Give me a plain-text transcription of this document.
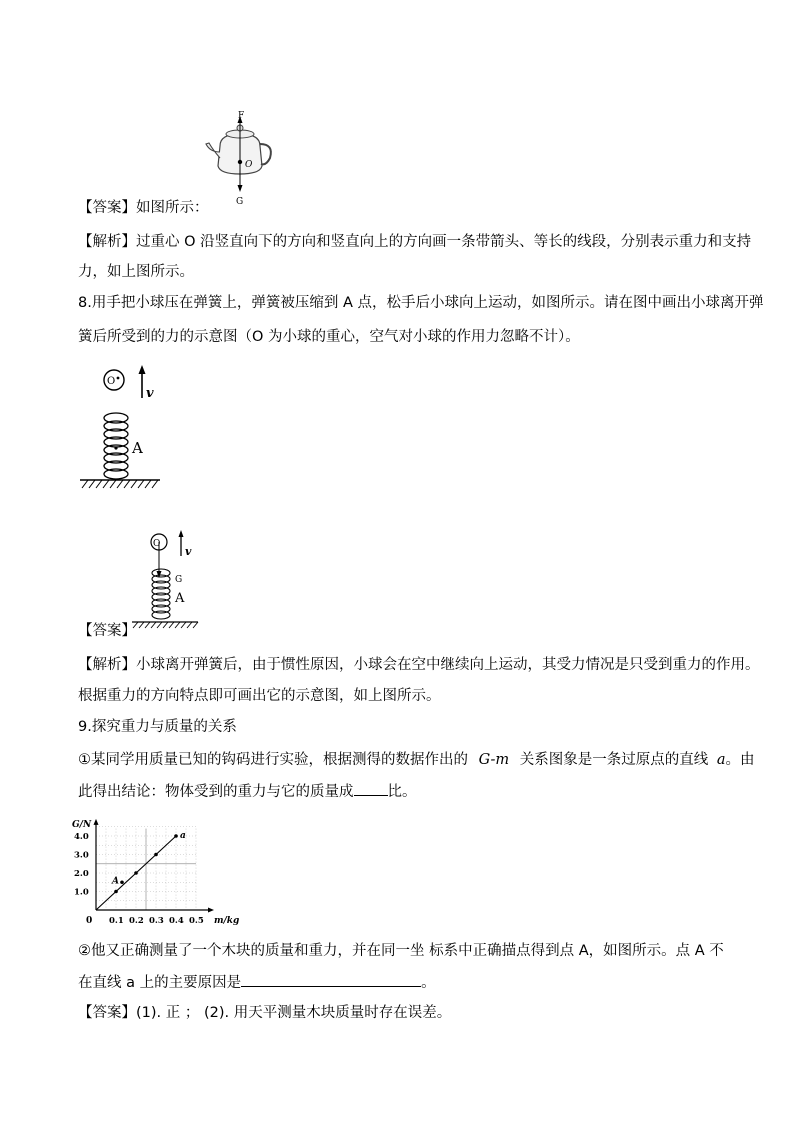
F
O
G
【答案】如图所示：
【解析】过重心 O 沿竖直向下的方向和竖直向上的方向画一条带箭头、等长的线段，分别表示重力和支持
力，如上图所示。
8.用手把小球压在弹簧上，弹簧被压缩到 A 点，松手后小球向上运动，如图所示。请在图中画出小球离开弹
簧后所受到的力的示意图（O 为小球的重心，空气对小球的作用力忽略不计）。
O
v
A
O
v
G
A
【答案】
【解析】小球离开弹簧后，由于惯性原因，小球会在空中继续向上运动，其受力情况是只受到重力的作用。
根据重力的方向特点即可画出它的示意图，如上图所示。
9.探究重力与质量的关系
①某同学用质量已知的钩码进行实验，根据测得的数据作出的 G-m 关系图象是一条过原点的直线 a。由
此得出结论：物体受到的重力与它的质量成 比。
G/N
m/kg
0 0.1 0.2 0.3 0.4 0.5
1.0
2.0
3.0
4.0	a
A
②他又正确测量了一个木块的质量和重力，并在同一坐 标系中正确描点得到点 A，如图所示。点 A 不
在直线 a 上的主要原因是	。
【答案】(1). 正 ； (2). 用天平测量木块质量时存在误差。
